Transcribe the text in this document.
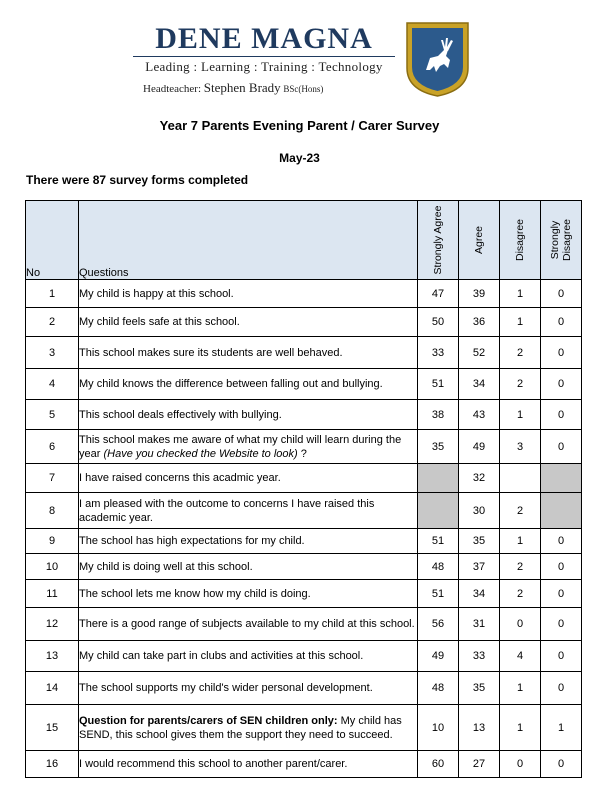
DENE MAGNA
Leading : Learning : Training : Technology
Headteacher: Stephen Brady BSc(Hons)
Year 7 Parents Evening Parent / Carer Survey
May-23
There were 87 survey forms completed
No	Questions	Strongly Agree	Agree	Disagree	Strongly
Disagree

1	My child is happy at this school.	47	39	1	0
2	My child feels safe at this school.	50	36	1	0
3	This school makes sure its students are well behaved.	33	52	2	0
4	My child knows the difference between falling out and bullying.	51	34	2	0
5	This school deals effectively with bullying.	38	43	1	0
6	This school makes me aware of what my child will learn during the year (Have you checked the Website to look) ?	35	49	3	0
7	I have raised concerns this acadmic year.		32		
8	I am pleased with the outcome to concerns I have raised this academic year.		30	2	
9	The school has high expectations for my child.	51	35	1	0
10	My child is doing well at this school.	48	37	2	0
11	The school lets me know how my child is doing.	51	34	2	0
12	There is a good range of subjects available to my child at this school.	56	31	0	0
13	My child can take part in clubs and activities at this school.	49	33	4	0
14	The school supports my child's wider personal development.	48	35	1	0
15	Question for parents/carers of SEN children only: My child has SEND, this school gives them the support they need to succeed.	10	13	1	1
16	I would recommend this school to another parent/carer.	60	27	0	0
